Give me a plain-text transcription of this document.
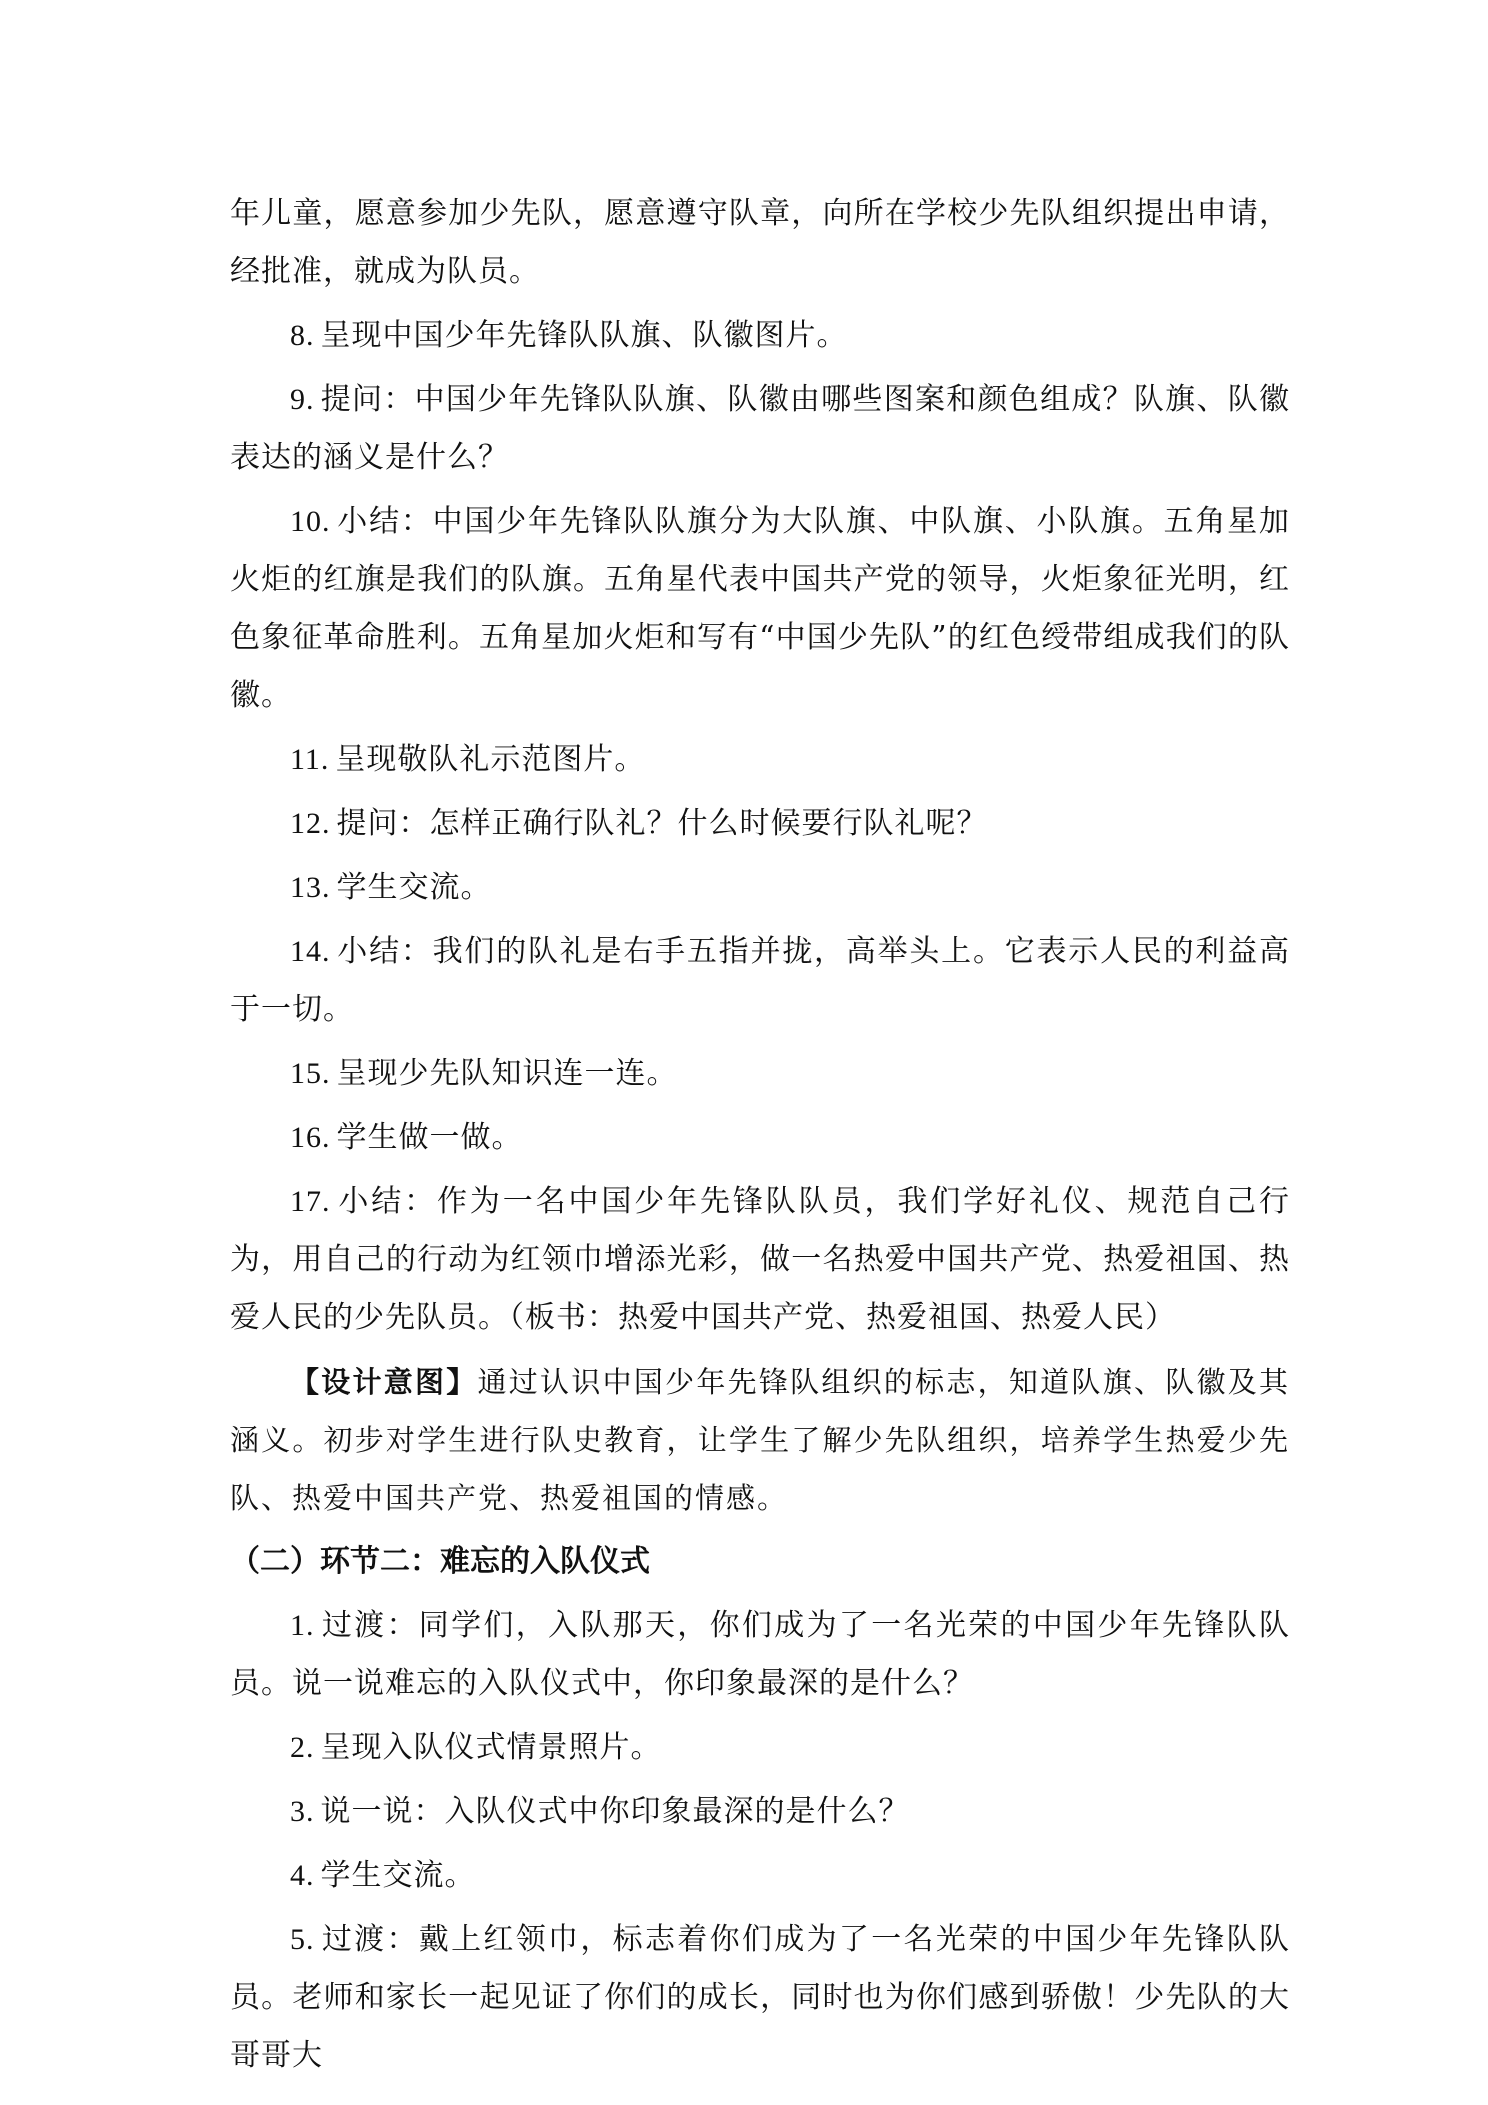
年儿童，愿意参加少先队，愿意遵守队章，向所在学校少先队组织提出申请，经批准，就成为队员。

8. 呈现中国少年先锋队队旗、队徽图片。

9. 提问：中国少年先锋队队旗、队徽由哪些图案和颜色组成？队旗、队徽表达的涵义是什么？

10. 小结：中国少年先锋队队旗分为大队旗、中队旗、小队旗。五角星加火炬的红旗是我们的队旗。五角星代表中国共产党的领导，火炬象征光明，红色象征革命胜利。五角星加火炬和写有“中国少先队”的红色绶带组成我们的队徽。

11. 呈现敬队礼示范图片。

12. 提问：怎样正确行队礼？什么时候要行队礼呢？

13. 学生交流。

14. 小结：我们的队礼是右手五指并拢，高举头上。它表示人民的利益高于一切。

15. 呈现少先队知识连一连。

16. 学生做一做。

17. 小结：作为一名中国少年先锋队队员，我们学好礼仪、规范自己行为，用自己的行动为红领巾增添光彩，做一名热爱中国共产党、热爱祖国、热爱人民的少先队员。（板书：热爱中国共产党、热爱祖国、热爱人民）

【设计意图】通过认识中国少年先锋队组织的标志，知道队旗、队徽及其涵义。初步对学生进行队史教育，让学生了解少先队组织，培养学生热爱少先队、热爱中国共产党、热爱祖国的情感。

（二）环节二：难忘的入队仪式

1. 过渡：同学们，入队那天，你们成为了一名光荣的中国少年先锋队队员。说一说难忘的入队仪式中，你印象最深的是什么？

2. 呈现入队仪式情景照片。

3. 说一说：入队仪式中你印象最深的是什么？

4. 学生交流。

5. 过渡：戴上红领巾，标志着你们成为了一名光荣的中国少年先锋队队员。老师和家长一起见证了你们的成长，同时也为你们感到骄傲！少先队的大哥哥大
